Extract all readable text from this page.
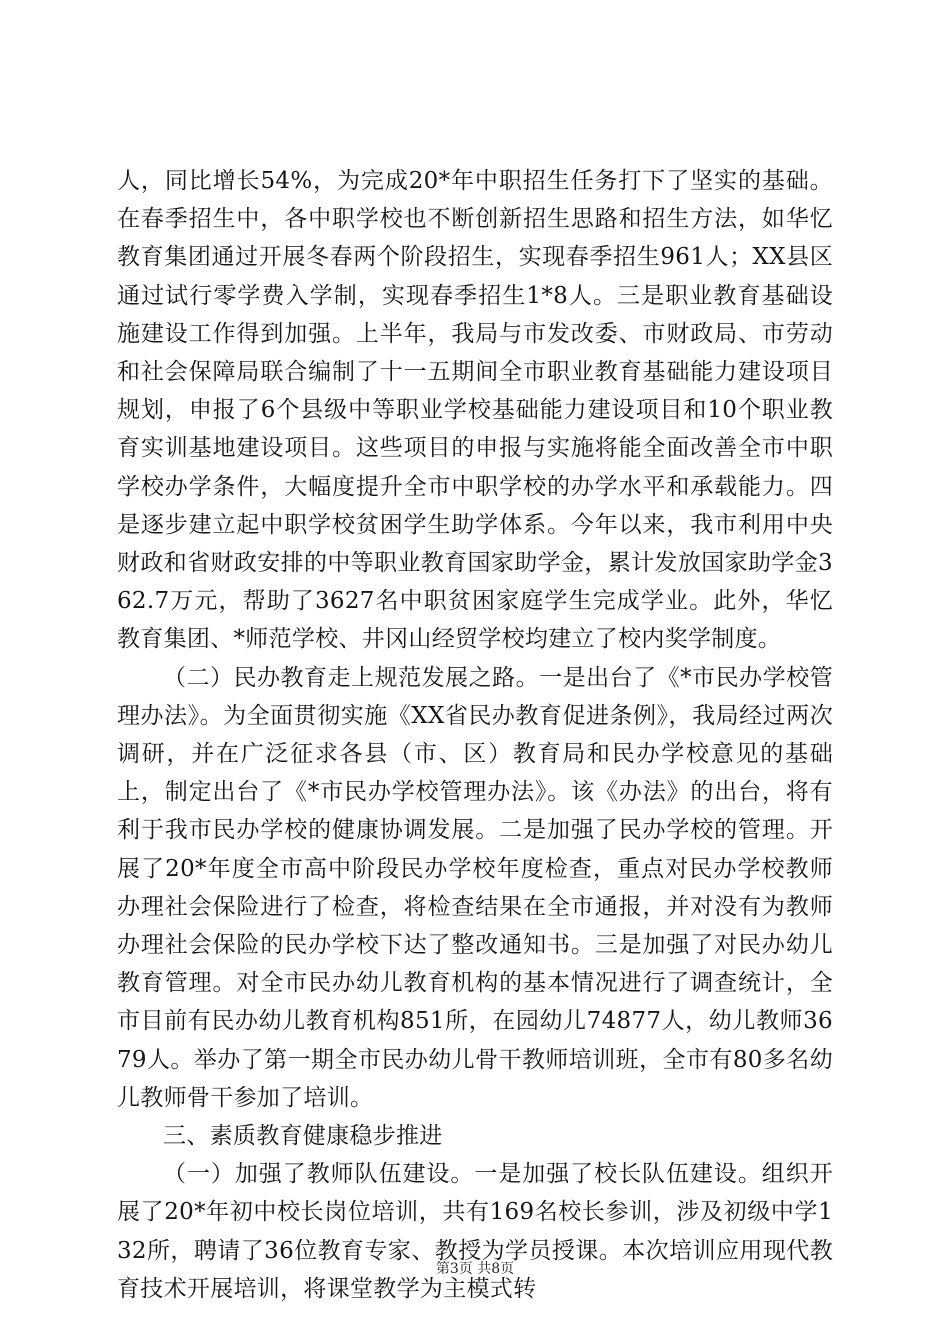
人，同比增长54%，为完成20*年中职招生任务打下了坚实的基础。在春季招生中，各中职学校也不断创新招生思路和招生方法，如华忆教育集团通过开展冬春两个阶段招生，实现春季招生961人；XX县区通过试行零学费入学制，实现春季招生1*8人。三是职业教育基础设施建设工作得到加强。上半年，我局与市发改委、市财政局、市劳动和社会保障局联合编制了十一五期间全市职业教育基础能力建设项目规划，申报了6个县级中等职业学校基础能力建设项目和10个职业教育实训基地建设项目。这些项目的申报与实施将能全面改善全市中职学校办学条件，大幅度提升全市中职学校的办学水平和承载能力。四是逐步建立起中职学校贫困学生助学体系。今年以来，我市利用中央财政和省财政安排的中等职业教育国家助学金，累计发放国家助学金362.7万元，帮助了3627名中职贫困家庭学生完成学业。此外，华忆教育集团、*师范学校、井冈山经贸学校均建立了校内奖学制度。

（二）民办教育走上规范发展之路。一是出台了《*市民办学校管理办法》。为全面贯彻实施《XX省民办教育促进条例》，我局经过两次调研，并在广泛征求各县（市、区）教育局和民办学校意见的基础上，制定出台了《*市民办学校管理办法》。该《办法》的出台，将有利于我市民办学校的健康协调发展。二是加强了民办学校的管理。开展了20*年度全市高中阶段民办学校年度检查，重点对民办学校教师办理社会保险进行了检查，将检查结果在全市通报，并对没有为教师办理社会保险的民办学校下达了整改通知书。三是加强了对民办幼儿教育管理。对全市民办幼儿教育机构的基本情况进行了调查统计，全市目前有民办幼儿教育机构851所，在园幼儿74877人，幼儿教师3679人。举办了第一期全市民办幼儿骨干教师培训班，全市有80多名幼儿教师骨干参加了培训。

三、素质教育健康稳步推进

（一）加强了教师队伍建设。一是加强了校长队伍建设。组织开展了20*年初中校长岗位培训，共有169名校长参训，涉及初级中学132所，聘请了36位教育专家、教授为学员授课。本次培训应用现代教育技术开展培训，将课堂教学为主模式转

第3页 共8页
